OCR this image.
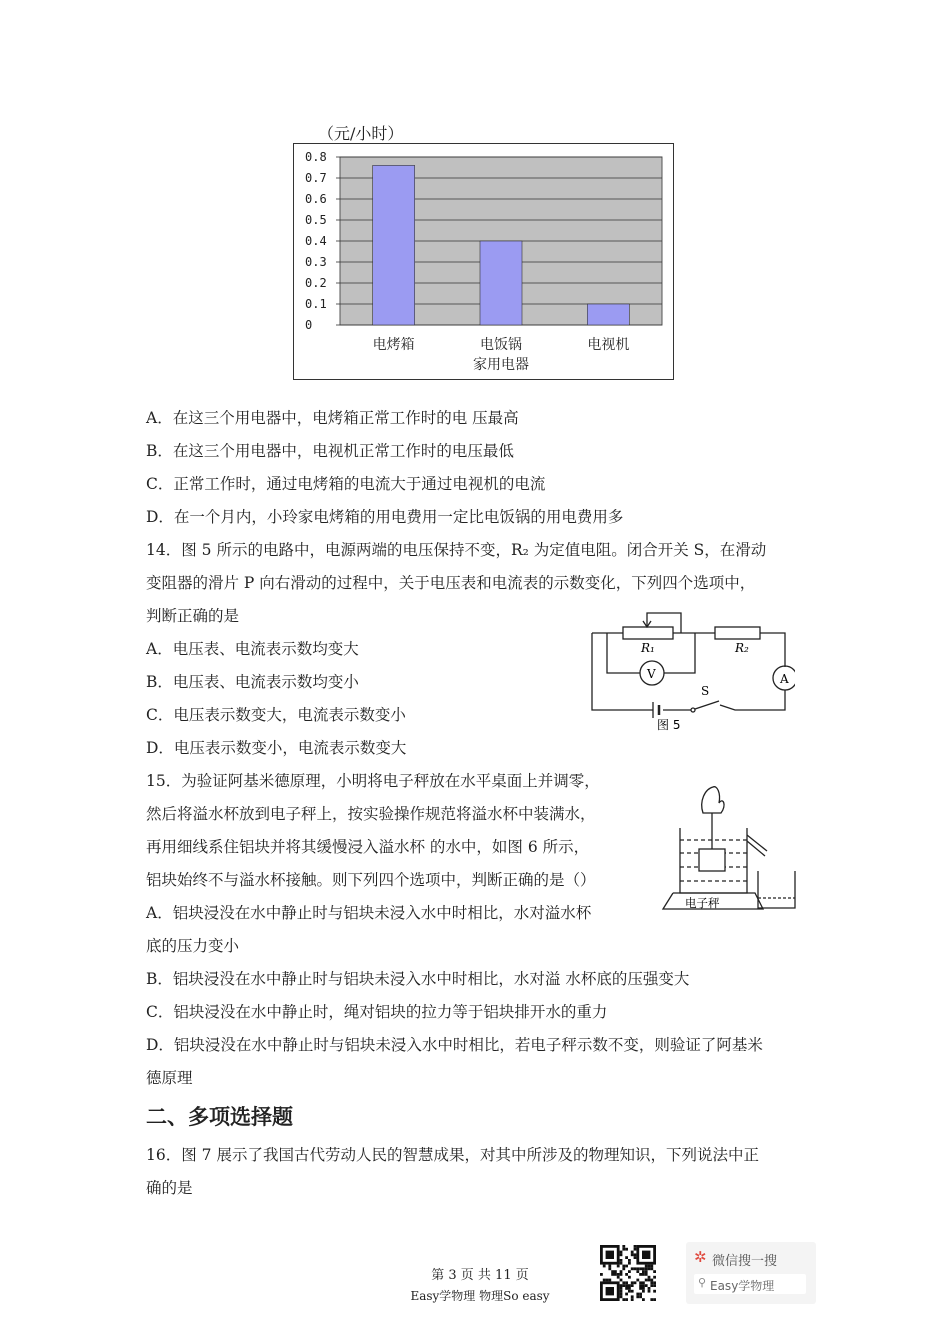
（元/小时）
0
0.1
0.2
0.3
0.4
0.5
0.6
0.7
0.8
电烤箱	电饭锅	电视机
家用电器
A．在这三个用电器中，电烤箱正常工作时的电 压最高
B．在这三个用电器中，电视机正常工作时的电压最低
C．正常工作时，通过电烤箱的电流大于通过电视机的电流
D．在一个月内，小玲家电烤箱的用电费用一定比电饭锅的用电费用多
14．图 5 所示的电路中，电源两端的电压保持不变，R₂ 为定值电阻。闭合开关 S，在滑动
变阻器的滑片 P 向右滑动的过程中，关于电压表和电流表的示数变化，下列四个选项中，
判断正确的是
A．电压表、电流表示数均变大
B．电压表、电流表示数均变小
C．电压表示数变大，电流表示数变小
D．电压表示数变小，电流表示数变大
R₁	R₂
V	A
S
图 5
15．为验证阿基米德原理，小明将电子秤放在水平桌面上并调零，
然后将溢水杯放到电子秤上，按实验操作规范将溢水杯中装满水，
再用细线系住铝块并将其缓慢浸入溢水杯 的水中，如图 6 所示，
铝块始终不与溢水杯接触。则下列四个选项中，判断正确的是（）
A．铝块浸没在水中静止时与铝块未浸入水中时相比，水对溢水杯
底的压力变小
B．铝块浸没在水中静止时与铝块未浸入水中时相比，水对溢 水杯底的压强变大
C．铝块浸没在水中静止时，绳对铝块的拉力等于铝块排开水的重力
D．铝块浸没在水中静止时与铝块未浸入水中时相比，若电子秤示数不变，则验证了阿基米
德原理
电子秤
二、多项选择题
16．图 7 展示了我国古代劳动人民的智慧成果，对其中所涉及的物理知识，下列说法中正
确的是
第 3 页 共 11 页
Easy学物理 物理So easy
✲ 微信搜一搜
⚲ Easy学物理
